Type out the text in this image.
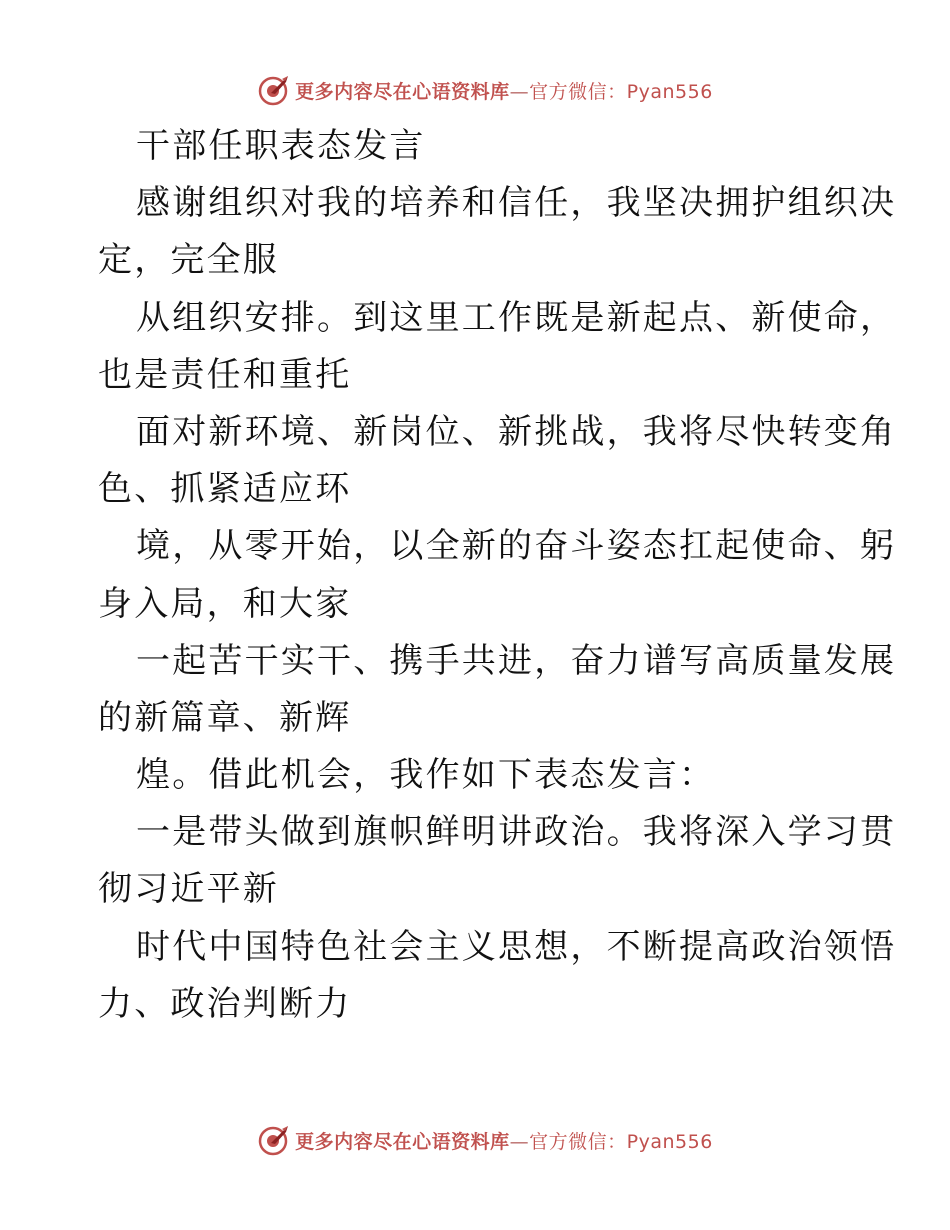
更多内容尽在心语资料库—官方微信：Pyan556
干部任职表态发言
感谢组织对我的培养和信任，我坚决拥护组织决
定，完全服
从组织安排。到这里工作既是新起点、新使命，
也是责任和重托
面对新环境、新岗位、新挑战，我将尽快转变角
色、抓紧适应环
境，从零开始，以全新的奋斗姿态扛起使命、躬
身入局，和大家
一起苦干实干、携手共进，奋力谱写高质量发展
的新篇章、新辉
煌。借此机会，我作如下表态发言：
一是带头做到旗帜鲜明讲政治。我将深入学习贯
彻习近平新
时代中国特色社会主义思想，不断提高政治领悟
力、政治判断力
更多内容尽在心语资料库—官方微信：Pyan556
